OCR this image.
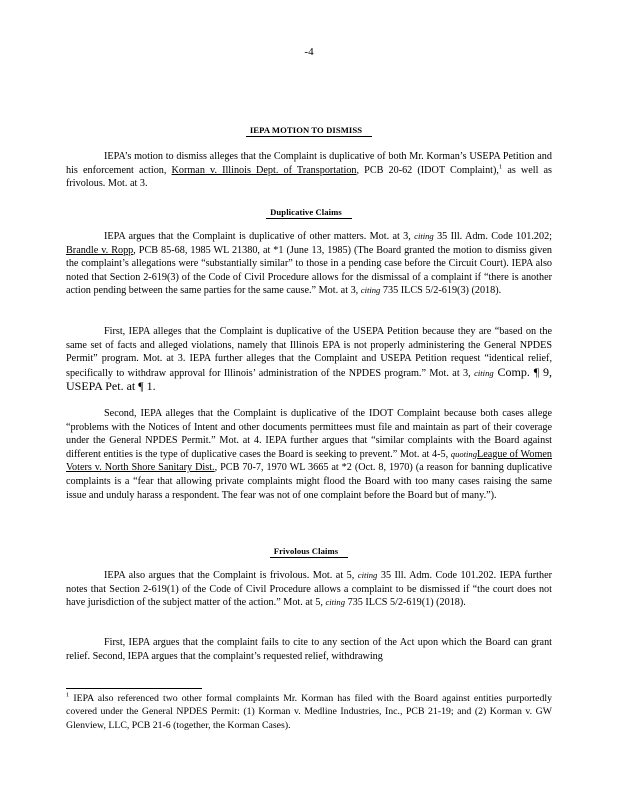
-4
IEPA MOTION TO DISMISS

IEPA’s motion to dismiss alleges that the Complaint is duplicative of both Mr. Korman’s USEPA Petition and his enforcement action, Korman v. Illinois Dept. of Transportation, PCB 20-62 (IDOT Complaint),$^1$ as well as frivolous. Mot. at 3.

Duplicative Claims

IEPA argues that the Complaint is duplicative of other matters. Mot. at 3, citing 35 Ill. Adm. Code 101.202; Brandle v. Ropp, PCB 85-68, 1985 WL 21380, at *1 (June 13, 1985) (The Board granted the motion to dismiss given the complaint’s allegations were “substantially similar” to those in a pending case before the Circuit Court). IEPA also noted that Section 2-619(3) of the Code of Civil Procedure allows for the dismissal of a complaint if “there is another action pending between the same parties for the same cause.” Mot. at 3, citing 735 ILCS 5/2-619(3) (2018).

First, IEPA alleges that the Complaint is duplicative of the USEPA Petition because they are “based on the same set of facts and alleged violations, namely that Illinois EPA is not properly administering the General NPDES Permit” program. Mot. at 3. IEPA further alleges that the Complaint and USEPA Petition request “identical relief, specifically to withdraw approval for Illinois’ administration of the NPDES program.” Mot. at 3, citing Comp. ¶ 9, USEPA Pet. at ¶ 1.

Second, IEPA alleges that the Complaint is duplicative of the IDOT Complaint because both cases allege “problems with the Notices of Intent and other documents permittees must file and maintain as part of their coverage under the General NPDES Permit.” Mot. at 4. IEPA further argues that “similar complaints with the Board against different entities is the type of duplicative cases the Board is seeking to prevent.” Mot. at 4-5, quotingLeague of Women Voters v. North Shore Sanitary Dist., PCB 70-7, 1970 WL 3665 at *2 (Oct. 8, 1970) (a reason for banning duplicative complaints is a “fear that allowing private complaints might flood the Board with too many cases raising the same issue and unduly harass a respondent. The fear was not of one complaint before the Board but of many.”).

Frivolous Claims

IEPA also argues that the Complaint is frivolous. Mot. at 5, citing 35 Ill. Adm. Code 101.202. IEPA further notes that Section 2-619(1) of the Code of Civil Procedure allows a complaint to be dismissed if “the court does not have jurisdiction of the subject matter of the action.” Mot. at 5, citing 735 ILCS 5/2-619(1) (2018).

First, IEPA argues that the complaint fails to cite to any section of the Act upon which the Board can grant relief. Second, IEPA argues that the complaint’s requested relief, withdrawing

$^1$ IEPA also referenced two other formal complaints Mr. Korman has filed with the Board against entities purportedly covered under the General NPDES Permit: (1) Korman v. Medline Industries, Inc., PCB 21-19; and (2) Korman v. GW Glenview, LLC, PCB 21-6 (together, the Korman Cases).
